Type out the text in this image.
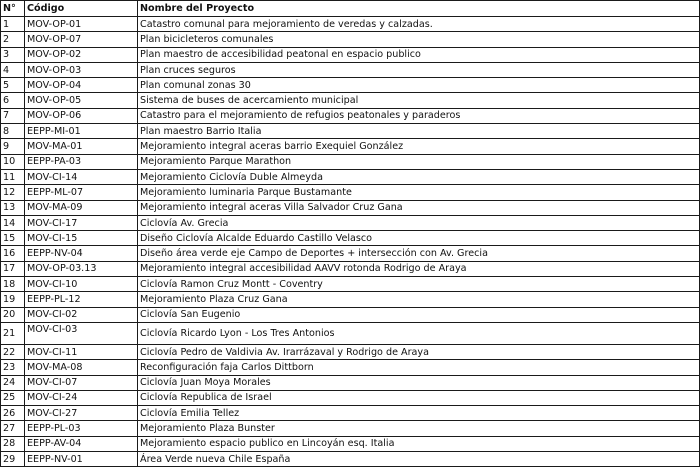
N°	Código	Nombre del Proyecto
1	MOV-OP-01	Catastro comunal para mejoramiento de veredas y calzadas.
2	MOV-OP-07	Plan bicicleteros comunales
3	MOV-OP-02	Plan maestro de accesibilidad peatonal en espacio publico
4	MOV-OP-03	Plan cruces seguros
5	MOV-OP-04	Plan comunal zonas 30
6	MOV-OP-05	Sistema de buses de acercamiento municipal
7	MOV-OP-06	Catastro para el mejoramiento de refugios peatonales y paraderos
8	EEPP-MI-01	Plan maestro Barrio Italia
9	MOV-MA-01	Mejoramiento integral aceras barrio Exequiel González
10	EEPP-PA-03	Mejoramiento Parque Marathon
11	MOV-CI-14	Mejoramiento Ciclovía Duble Almeyda
12	EEPP-ML-07	Mejoramiento luminaria Parque Bustamante
13	MOV-MA-09	Mejoramiento integral aceras Villa Salvador Cruz Gana
14	MOV-CI-17	Ciclovía Av. Grecia
15	MOV-CI-15	Diseño Ciclovía Alcalde Eduardo Castillo Velasco
16	EEPP-NV-04	Diseño área verde eje Campo de Deportes + intersección con Av. Grecia
17	MOV-OP-03.13	Mejoramiento integral accesibilidad AAVV rotonda Rodrigo de Araya
18	MOV-CI-10	Ciclovía Ramon Cruz Montt - Coventry
19	EEPP-PL-12	Mejoramiento Plaza Cruz Gana
20	MOV-CI-02	Ciclovía San Eugenio
21	MOV-CI-03	Ciclovía Ricardo Lyon - Los Tres Antonios
22	MOV-CI-11	Ciclovía Pedro de Valdivia Av. Irarrázaval y Rodrigo de Araya
23	MOV-MA-08	Reconfiguración faja Carlos Dittborn
24	MOV-CI-07	Ciclovía Juan Moya Morales
25	MOV-CI-24	Ciclovía Republica de Israel
26	MOV-CI-27	Ciclovía Emilia Tellez
27	EEPP-PL-03	Mejoramiento Plaza Bunster
28	EEPP-AV-04	Mejoramiento espacio publico en Lincoyán esq. Italia
29	EEPP-NV-01	Área Verde nueva Chile España
